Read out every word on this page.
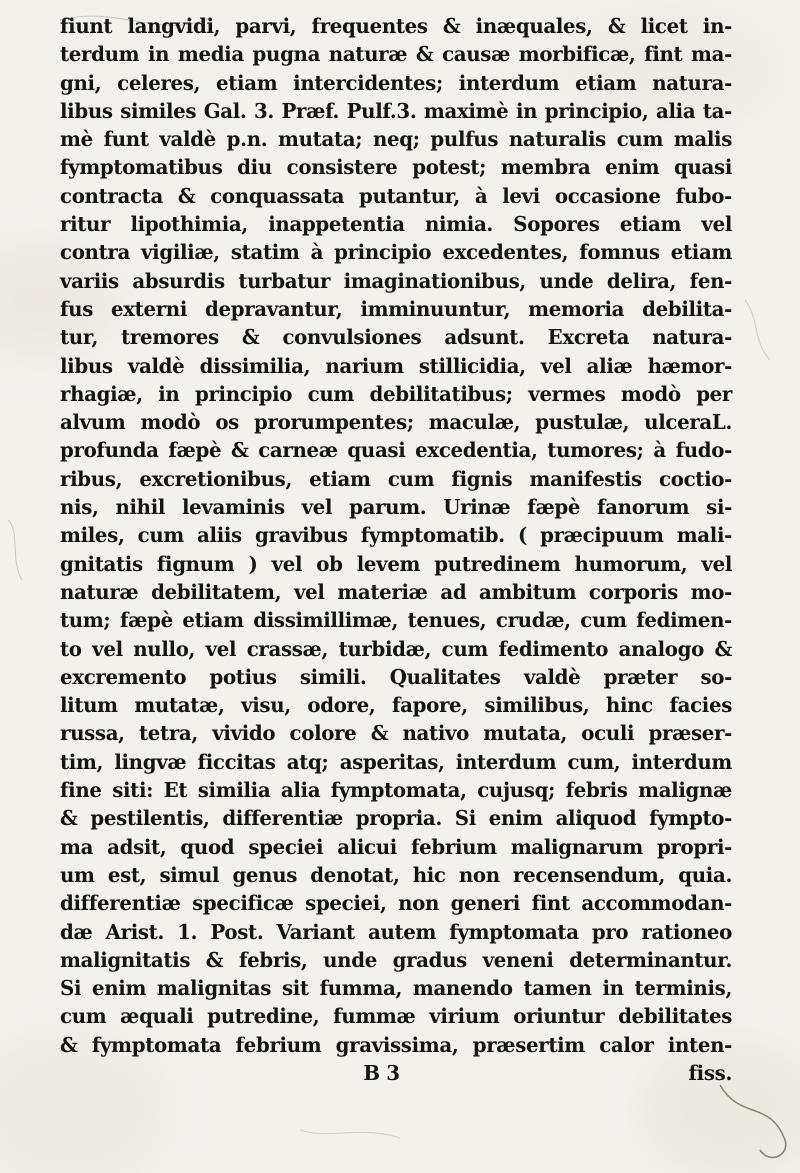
fiunt langvidi, parvi, frequentes & inæquales, & licet in-
terdum in media pugna naturæ & causæ morbificæ, fint ma-
gni, celeres, etiam intercidentes; interdum etiam natura-
libus similes Gal. 3. Præf. Pulf.3. maximè in principio, alia ta-
mè funt valdè p.n. mutata; neq; pulfus naturalis cum malis
fymptomatibus diu consistere potest; membra enim quasi
contracta & conquassata putantur, à levi occasione fubo-
ritur lipothimia, inappetentia nimia. Sopores etiam vel
contra vigiliæ, statim à principio excedentes, fomnus etiam
variis absurdis turbatur imaginationibus, unde delira, fen-
fus externi depravantur, imminuuntur, memoria debilita-
tur, tremores & convulsiones adsunt. Excreta natura-
libus valdè dissimilia, narium stillicidia, vel aliæ hæmor-
rhagiæ, in principio cum debilitatibus; vermes modò per
alvum modò os prorumpentes; maculæ, pustulæ, ulceraL.
profunda fæpè & carneæ quasi excedentia, tumores; à fudo-
ribus, excretionibus, etiam cum fignis manifestis coctio-
nis, nihil levaminis vel parum. Urinæ fæpè fanorum si-
miles, cum aliis gravibus fymptomatib. ( præcipuum mali-
gnitatis fignum ) vel ob levem putredinem humorum, vel
naturæ debilitatem, vel materiæ ad ambitum corporis mo-
tum; fæpè etiam dissimillimæ, tenues, crudæ, cum fedimen-
to vel nullo, vel crassæ, turbidæ, cum fedimento analogo &
excremento potius simili. Qualitates valdè præter so-
litum mutatæ, visu, odore, fapore, similibus, hinc facies
russa, tetra, vivido colore & nativo mutata, oculi præser-
tim, lingvæ ficcitas atq; asperitas, interdum cum, interdum
fine siti: Et similia alia fymptomata, cujusq; febris malignæ
& pestilentis, differentiæ propria. Si enim aliquod fympto-
ma adsit, quod speciei alicui febrium malignarum propri-
um est, simul genus denotat, hic non recensendum, quia.
differentiæ specificæ speciei, non generi fint accommodan-
dæ Arist. 1. Post. Variant autem fymptomata pro rationeo
malignitatis & febris, unde gradus veneni determinantur.
Si enim malignitas sit fumma, manendo tamen in terminis,
cum æquali putredine, fummæ virium oriuntur debilitates
& fymptomata febrium gravissima, præsertim calor inten-
B 3	fiss.
